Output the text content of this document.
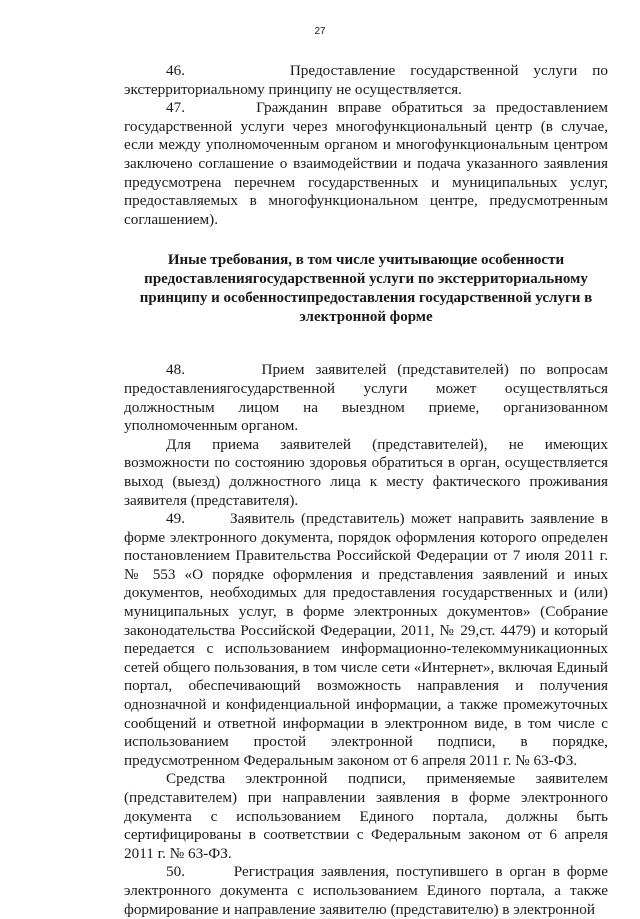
27

46.       Предоставление государственной услуги по экстерриториальному принципу не осуществляется.

47.       Гражданин вправе обратиться за предоставлением государственной услуги через многофункциональный центр (в случае, если между уполномоченным органом и многофункциональным центром заключено соглашение о взаимодействии и подача указанного заявления предусмотрена перечнем государственных и муниципальных услуг, предоставляемых в многофункциональном центре, предусмотренным соглашением).

Иные требования, в том числе учитывающие особенности предоставлениягосударственной услуги по экстерриториальному принципу и особенностипредоставления государственной услуги в электронной форме

48.       Прием заявителей (представителей) по вопросам предоставлениягосударственной услуги может осуществляться должностным лицом на выездном приеме, организованном уполномоченным органом.

Для приема заявителей (представителей), не имеющих возможности по состоянию здоровья обратиться в орган, осуществляется выход (выезд) должностного лица к месту фактического проживания заявителя (представителя).

49.       Заявитель (представитель) может направить заявление в форме электронного документа, порядок оформления которого определен постановлением Правительства Российской Федерации от 7 июля 2011 г. № 553 «О порядке оформления и представления заявлений и иных документов, необходимых для предоставления государственных и (или) муниципальных услуг, в форме электронных документов» (Собрание законодательства Российской Федерации, 2011, № 29,ст. 4479) и который передается с использованием информационно-телекоммуникационных сетей общего пользования, в том числе сети «Интернет», включая Единый портал, обеспечивающий возможность направления и получения однозначной и конфиденциальной информации, а также промежуточных сообщений и ответной информации в электронном виде, в том числе с использованием простой электронной подписи, в порядке, предусмотренном Федеральным законом от 6 апреля 2011 г. № 63-ФЗ.

Средства электронной подписи, применяемые заявителем (представителем) при направлении заявления в форме электронного документа с использованием Единого портала, должны быть сертифицированы в соответствии с Федеральным законом от 6 апреля 2011 г. № 63-ФЗ.

50.       Регистрация заявления, поступившего в орган в форме электронного документа с использованием Единого портала, а также формирование и направление заявителю (представителю) в электронной
